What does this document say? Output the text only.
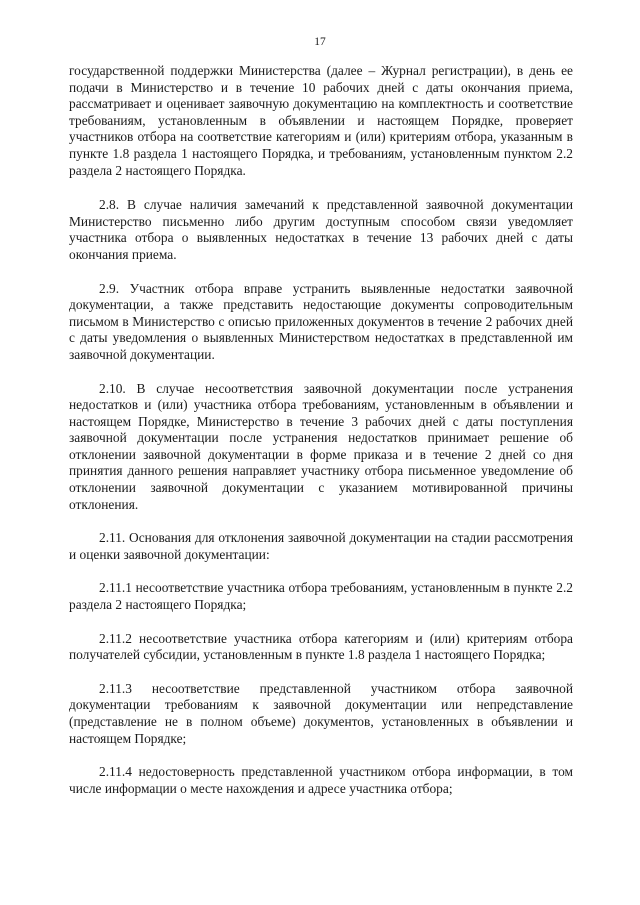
17

государственной поддержки Министерства (далее – Журнал регистрации), в день ее подачи в Министерство и в течение 10 рабочих дней с даты окончания приема, рассматривает и оценивает заявочную документацию на комплектность и соответствие требованиям, установленным в объявлении и настоящем Порядке, проверяет участников отбора на соответствие категориям и (или) критериям отбора, указанным в пункте 1.8 раздела 1 настоящего Порядка, и требованиям, установленным пунктом 2.2 раздела 2 настоящего Порядка.

2.8. В случае наличия замечаний к представленной заявочной документации Министерство письменно либо другим доступным способом связи уведомляет участника отбора о выявленных недостатках в течение 13 рабочих дней с даты окончания приема.

2.9. Участник отбора вправе устранить выявленные недостатки заявочной документации, а также представить недостающие документы сопроводительным письмом в Министерство с описью приложенных документов в течение 2 рабочих дней с даты уведомления о выявленных Министерством недостатках в представленной им заявочной документации.

2.10. В случае несоответствия заявочной документации после устранения недостатков и (или) участника отбора требованиям, установленным в объявлении и настоящем Порядке, Министерство в течение 3 рабочих дней с даты поступления заявочной документации после устранения недостатков принимает решение об отклонении заявочной документации в форме приказа и в течение 2 дней со дня принятия данного решения направляет участнику отбора письменное уведомление об отклонении заявочной документации с указанием мотивированной причины отклонения.

2.11. Основания для отклонения заявочной документации на стадии рассмотрения и оценки заявочной документации:

2.11.1 несоответствие участника отбора требованиям, установленным в пункте 2.2 раздела 2 настоящего Порядка;

2.11.2 несоответствие участника отбора категориям и (или) критериям отбора получателей субсидии, установленным в пункте 1.8 раздела 1 настоящего Порядка;

2.11.3 несоответствие представленной участником отбора заявочной документации требованиям к заявочной документации или непредставление (представление не в полном объеме) документов, установленных в объявлении и настоящем Порядке;

2.11.4 недостоверность представленной участником отбора информации, в том числе информации о месте нахождения и адресе участника отбора;
